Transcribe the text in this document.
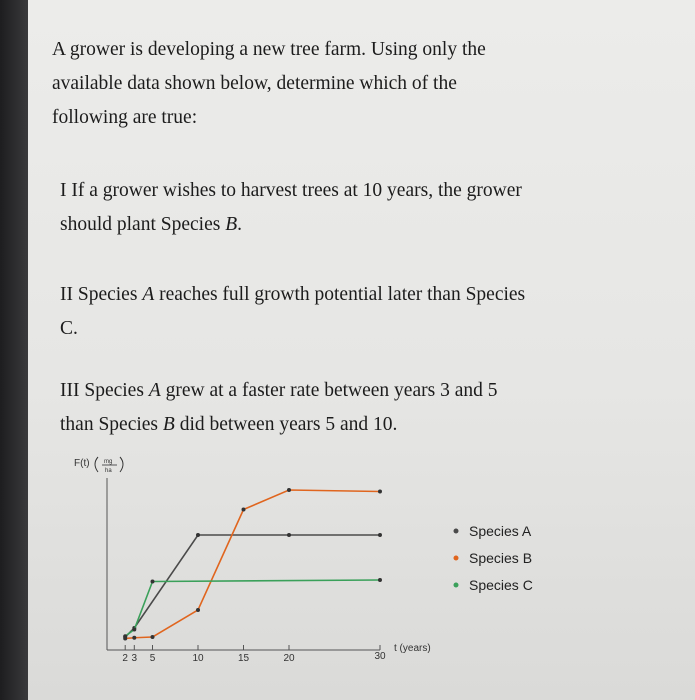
A grower is developing a new tree farm. Using only the
available data shown below, determine which of the
following are true:
I If a grower wishes to harvest trees at 10 years, the grower
should plant Species B.
II Species A reaches full growth potential later than Species
C.
III Species A grew at a faster rate between years 3 and 5
than Species B did between years 5 and 10.
F(t) mg
ha
2 3 5	10	15	20	30
t (years)
Species A
Species B
Species C
